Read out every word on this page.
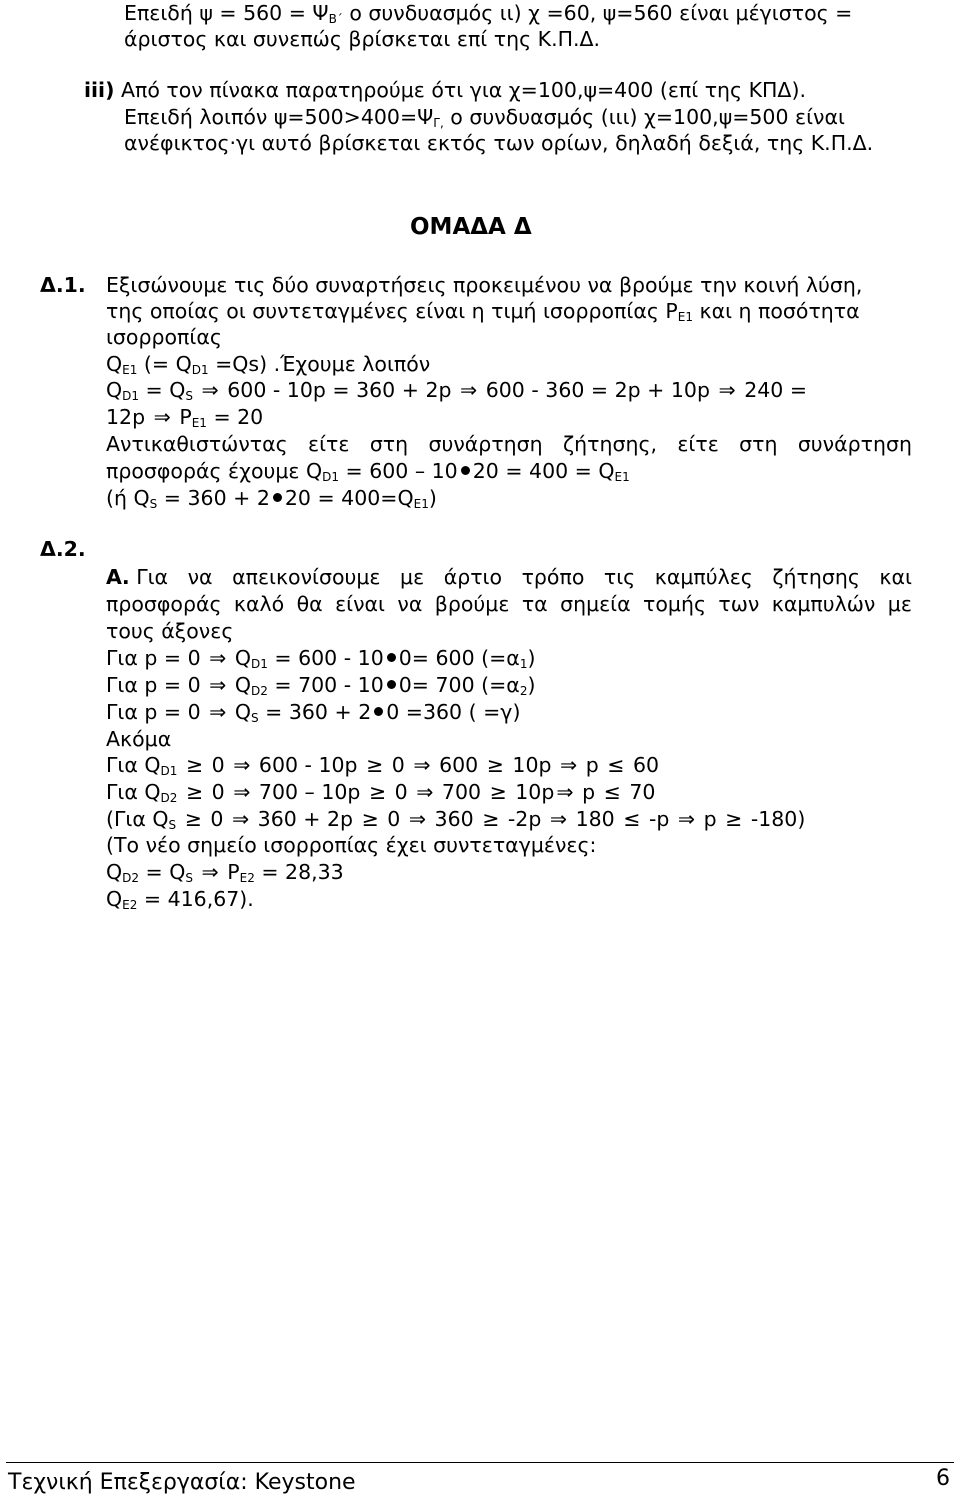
Επειδή $\psi = 560 = \Psi_{B΄}$ ο συνδυασμός ιι) χ =60, ψ=560 είναι μέγιστος =
άριστος και συνεπώς βρίσκεται επί της Κ.Π.Δ.
iii) Από τον πίνακα παρατηρούμε ότι για χ=100,ψ=400 (επί της ΚΠΔ).
Επειδή λοιπόν $\psi=500>400=\Psi_{\Gamma,}$ ο συνδυασμός (ιιι) χ=100,ψ=500 είναι
ανέφικτος·γι αυτό βρίσκεται εκτός των ορίων, δηλαδή δεξιά, της Κ.Π.Δ.
ΟΜΑΔΑ Δ
Δ.1. Εξισώνουμε τις δύο συναρτήσεις προκειμένου να βρούμε την κοινή λύση,
της οποίας οι συντεταγμένες είναι η τιμή ισορροπίας $P_{E1}$ και η ποσότητα
ισορροπίας
$Q_{E1}$ (= $Q_{D1} =Qs$) .Έχουμε λοιπόν
$Q_{D1} = Q_S$ ⇒ 600 - 10p = 360 + 2p ⇒ 600 - 360 = 2p + 10p ⇒ 240 =
12p ⇒ $P_{E1} = 20$
Αντικαθιστώντας είτε στη συνάρτηση ζήτησης, είτε στη συνάρτηση
προσφοράς έχουμε $Q_{D1} = 600 - 10$ $20 = 400 = Q_{E1}$
(ή $Q_S = 360 + 2$ $20 = 400=Q_{E1}$)
Δ.2.
Α. Για να απεικονίσουμε με άρτιο τρόπο τις καμπύλες ζήτησης και
προσφοράς καλό θα είναι να βρούμε τα σημεία τομής των καμπυλών με
τους άξονες
Για p = 0 ⇒ $Q_{D1} = 600 - 10$ 0= 600 $(=\alpha_1)$
Για p = 0 ⇒ $Q_{D2} = 700 - 10$ 0= 700 $(=\alpha_2)$
Για p = 0 ⇒ $Q_S = 360 + 2$ 0 =360 ( =γ)
Ακόμα
Για $Q_{D1} \ge 0$ ⇒ 600 - 10p ≥ 0 ⇒ 600 ≥ 10p ⇒ p ≤ 60
Για $Q_{D2} \ge 0$ ⇒ 700 – 10p ≥ 0 ⇒ 700 ≥ 10p⇒ p ≤ 70
(Για $Q_S \ge 0$ ⇒ 360 + 2p ≥ 0 ⇒ 360 ≥ -2p ⇒ 180 ≤ -p ⇒ p ≥ -180)
(Το νέο σημείο ισορροπίας έχει συντεταγμένες:
$Q_{D2} = Q_S$ ⇒ $P_{E2} = 28,33$
$Q_{E2} = 416,67$).
Τεχνική Επεξεργασία: Keystone	6
